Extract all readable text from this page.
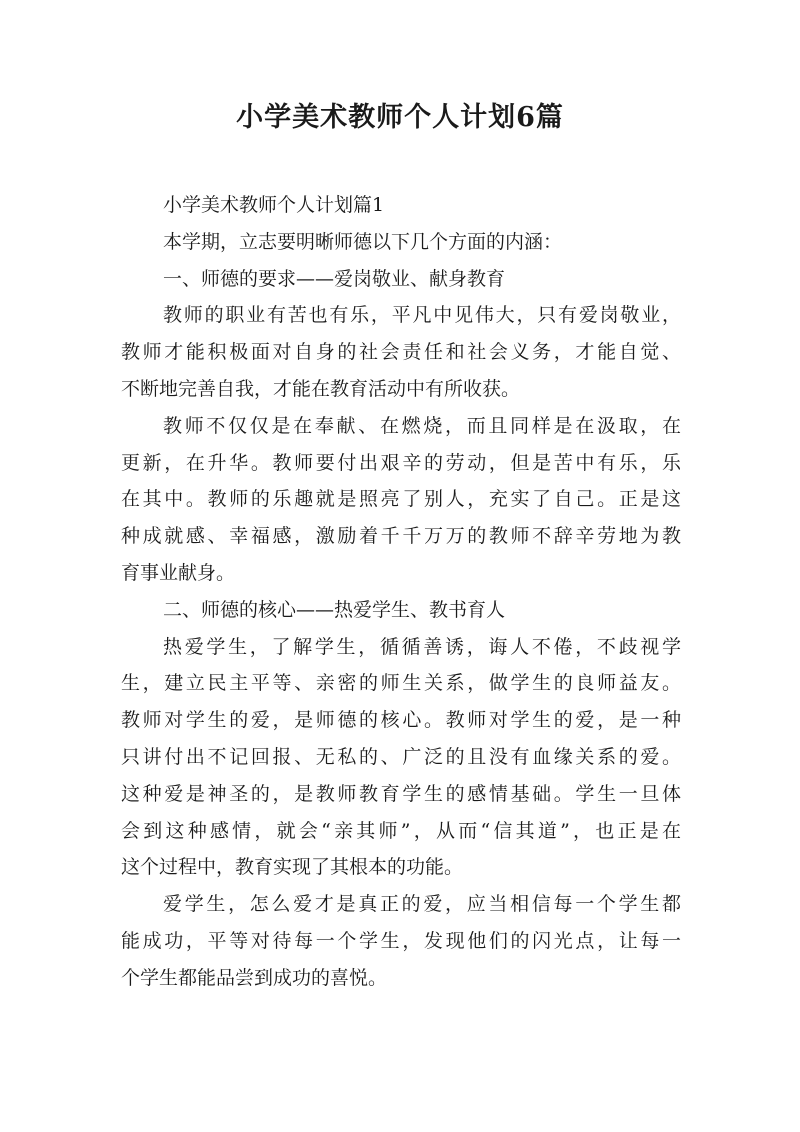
小学美术教师个人计划6篇

小学美术教师个人计划篇1

本学期，立志要明晰师德以下几个方面的内涵：

一、师德的要求——爱岗敬业、献身教育

教师的职业有苦也有乐，平凡中见伟大，只有爱岗敬业，

教师才能积极面对自身的社会责任和社会义务，才能自觉、

不断地完善自我，才能在教育活动中有所收获。

教师不仅仅是在奉献、在燃烧，而且同样是在汲取，在

更新，在升华。教师要付出艰辛的劳动，但是苦中有乐，乐

在其中。教师的乐趣就是照亮了别人，充实了自己。正是这

种成就感、幸福感，激励着千千万万的教师不辞辛劳地为教

育事业献身。

二、师德的核心——热爱学生、教书育人

热爱学生，了解学生，循循善诱，诲人不倦，不歧视学

生，建立民主平等、亲密的师生关系，做学生的良师益友。

教师对学生的爱，是师德的核心。教师对学生的爱，是一种

只讲付出不记回报、无私的、广泛的且没有血缘关系的爱。

这种爱是神圣的，是教师教育学生的感情基础。学生一旦体

会到这种感情，就会“亲其师”，从而“信其道”，也正是在

这个过程中，教育实现了其根本的功能。

爱学生，怎么爱才是真正的爱，应当相信每一个学生都

能成功，平等对待每一个学生，发现他们的闪光点，让每一

个学生都能品尝到成功的喜悦。
